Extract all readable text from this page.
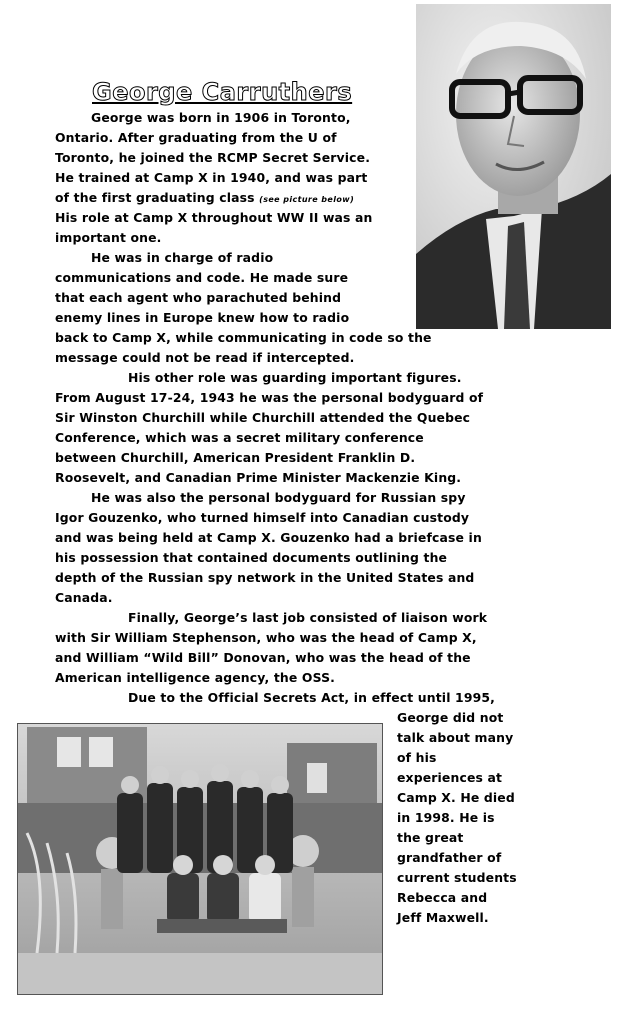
George Carruthers

George was born in 1906 in Toronto,

Ontario. After graduating from the U of

Toronto, he joined the RCMP Secret Service.

He trained at Camp X in 1940, and was part

of the first graduating class (see picture below)

His role at Camp X throughout WW II was an

important one.

He was in charge of radio

communications and code. He made sure

that each agent who parachuted behind

enemy lines in Europe knew how to radio

back to Camp X, while communicating in code so the

message could not be read if intercepted.

His other role was guarding important figures.

From August 17-24, 1943 he was the personal bodyguard of

Sir Winston Churchill while Churchill attended the Quebec

Conference, which was a secret military conference

between Churchill, American President Franklin D.

Roosevelt, and Canadian Prime Minister Mackenzie King.

He was also the personal bodyguard for Russian spy

Igor Gouzenko, who turned himself into Canadian custody

and was being held at Camp X. Gouzenko had a briefcase in

his possession that contained documents outlining the

depth of the Russian spy network in the United States and

Canada.

Finally, George’s last job consisted of liaison work

with Sir William Stephenson, who was the head of Camp X,

and William “Wild Bill” Donovan, who was the head of the

American intelligence agency, the OSS.

Due to the Official Secrets Act, in effect until 1995,

George did not

talk about many

of his

experiences at

Camp X. He died

in 1998. He is

the great

grandfather of

current students

Rebecca and

Jeff Maxwell.
